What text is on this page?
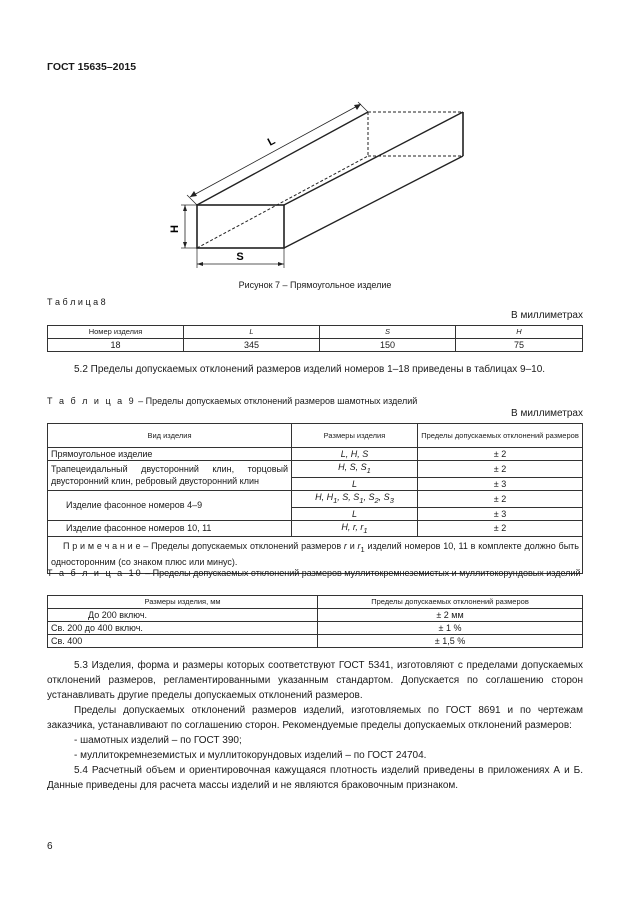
ГОСТ 15635–2015
L
H
S
Рисунок 7 – Прямоугольное изделие
Т а б л и ц а 8
В миллиметрах
Номер изделия	L	S	H
18	345	150	75

5.2 Пределы допускаемых отклонений размеров изделий номеров 1–18 приведены в таблицах 9–10.

Т а б л и ц а 9 – Пределы допускаемых отклонений размеров шамотных изделий
В миллиметрах
Вид изделия	Размеры изделия	Пределы допускаемых отклонений размеров
Прямоугольное изделие	L, H, S	± 2
Трапецеидальный двусторонний клин, торцовый двусторонний клин, ребровый двусторонний клин	H, S, $S_1$	± 2
	L	± 3
Изделие фасонное номеров 4–9	H, $H_1$, S, $S_1$, $S_2$, $S_3$	± 2
	L	± 3
Изделие фасонное номеров 10, 11	H, r, $r_1$	± 2
П р и м е ч а н и е – Пределы допускаемых отклонений размеров r и $r_1$ изделий номеров 10, 11 в комплекте должно быть односторонним (со знаком плюс или минус).		
Т а б л и ц а 10 – Пределы допускаемых отклонений размеров муллитокремнеземистых и муллитокорундовых изделий
Размеры изделия, мм	Пределы допускаемых отклонений размеров
До 200 включ.	± 2 мм
Св. 200 до 400 включ.	± 1 %
Св. 400	± 1,5 %

5.3 Изделия, форма и размеры которых соответствуют ГОСТ 5341, изготовляют с пределами допускаемых отклонений размеров, регламентированными указанным стандартом. Допускается по соглашению сторон устанавливать другие пределы допускаемых отклонений размеров.

Пределы допускаемых отклонений размеров изделий, изготовляемых по ГОСТ 8691 и по чертежам заказчика, устанавливают по соглашению сторон. Рекомендуемые пределы допускаемых отклонений размеров:

- шамотных изделий – по ГОСТ 390;

- муллитокремнеземистых и муллитокорундовых изделий – по ГОСТ 24704.

5.4 Расчетный объем и ориентировочная кажущаяся плотность изделий приведены в приложениях А и Б. Данные приведены для расчета массы изделий и не являются браковочным признаком.

6
